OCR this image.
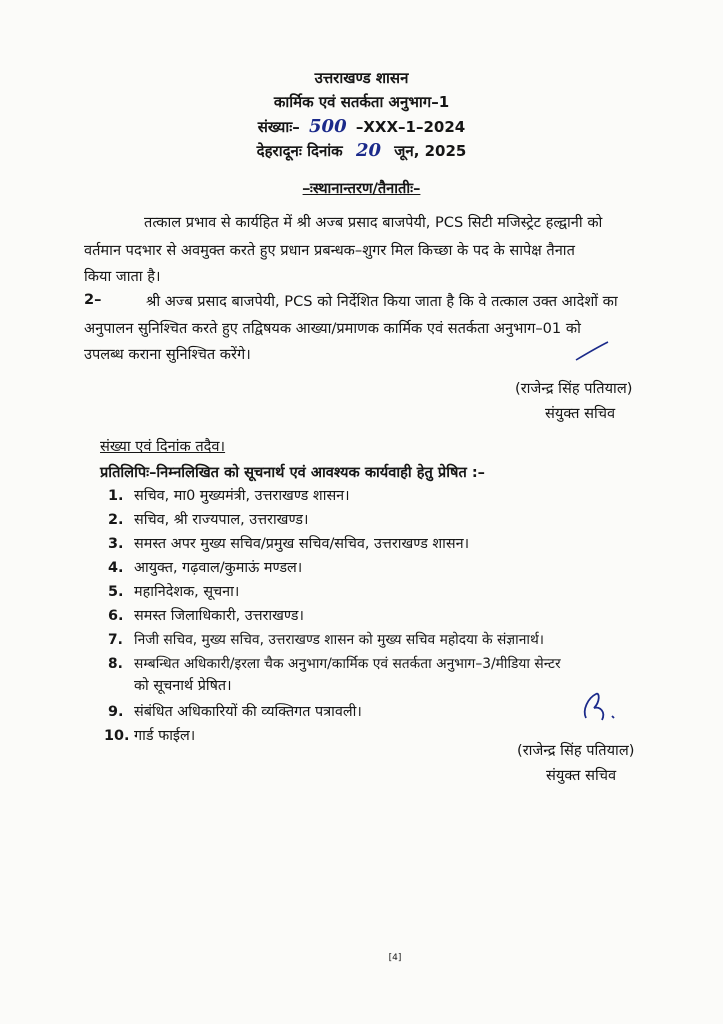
उत्तराखण्ड शासन
कार्मिक एवं सतर्कता अनुभाग–1
संख्याः– 500 –XXX–1–2024
देहरादूनः दिनांक 20 जून, 2025
–ःस्थानान्तरण/तैनातीः–
तत्काल प्रभाव से कार्यहित में श्री अज्ब प्रसाद बाजपेयी, PCS सिटी मजिस्ट्रेट हल्द्वानी को
वर्तमान पदभार से अवमुक्त करते हुए प्रधान प्रबन्धक–शुगर मिल किच्छा के पद के सापेक्ष तैनात
किया जाता है।
2–	श्री अज्ब प्रसाद बाजपेयी, PCS को निर्देशित किया जाता है कि वे तत्काल उक्त आदेशों का
अनुपालन सुनिश्चित करते हुए तद्विषयक आख्या/प्रमाणक कार्मिक एवं सतर्कता अनुभाग–01 को
उपलब्ध कराना सुनिश्चित करेंगे।
(राजेन्द्र सिंह पतियाल)
संयुक्त सचिव
संख्या एवं दिनांक तदैव।
प्रतिलिपिः–निम्नलिखित को सूचनार्थ एवं आवश्यक कार्यवाही हेतु प्रेषित :–
1. सचिव, मा0 मुख्यमंत्री, उत्तराखण्ड शासन।
2. सचिव, श्री राज्यपाल, उत्तराखण्ड।
3. समस्त अपर मुख्य सचिव/प्रमुख सचिव/सचिव, उत्तराखण्ड शासन।
4. आयुक्त, गढ़वाल/कुमाऊं मण्डल।
5. महानिदेशक, सूचना।
6. समस्त जिलाधिकारी, उत्तराखण्ड।
7. निजी सचिव, मुख्य सचिव, उत्तराखण्ड शासन को मुख्य सचिव महोदया के संज्ञानार्थ।
8. सम्बन्धित अधिकारी/इरला चैक अनुभाग/कार्मिक एवं सतर्कता अनुभाग–3/मीडिया सेन्टर
को सूचनार्थ प्रेषित।
9. संबंधित अधिकारियों की व्यक्तिगत पत्रावली।
10. गार्ड फाईल।
(राजेन्द्र सिंह पतियाल)
संयुक्त सचिव
[4]
